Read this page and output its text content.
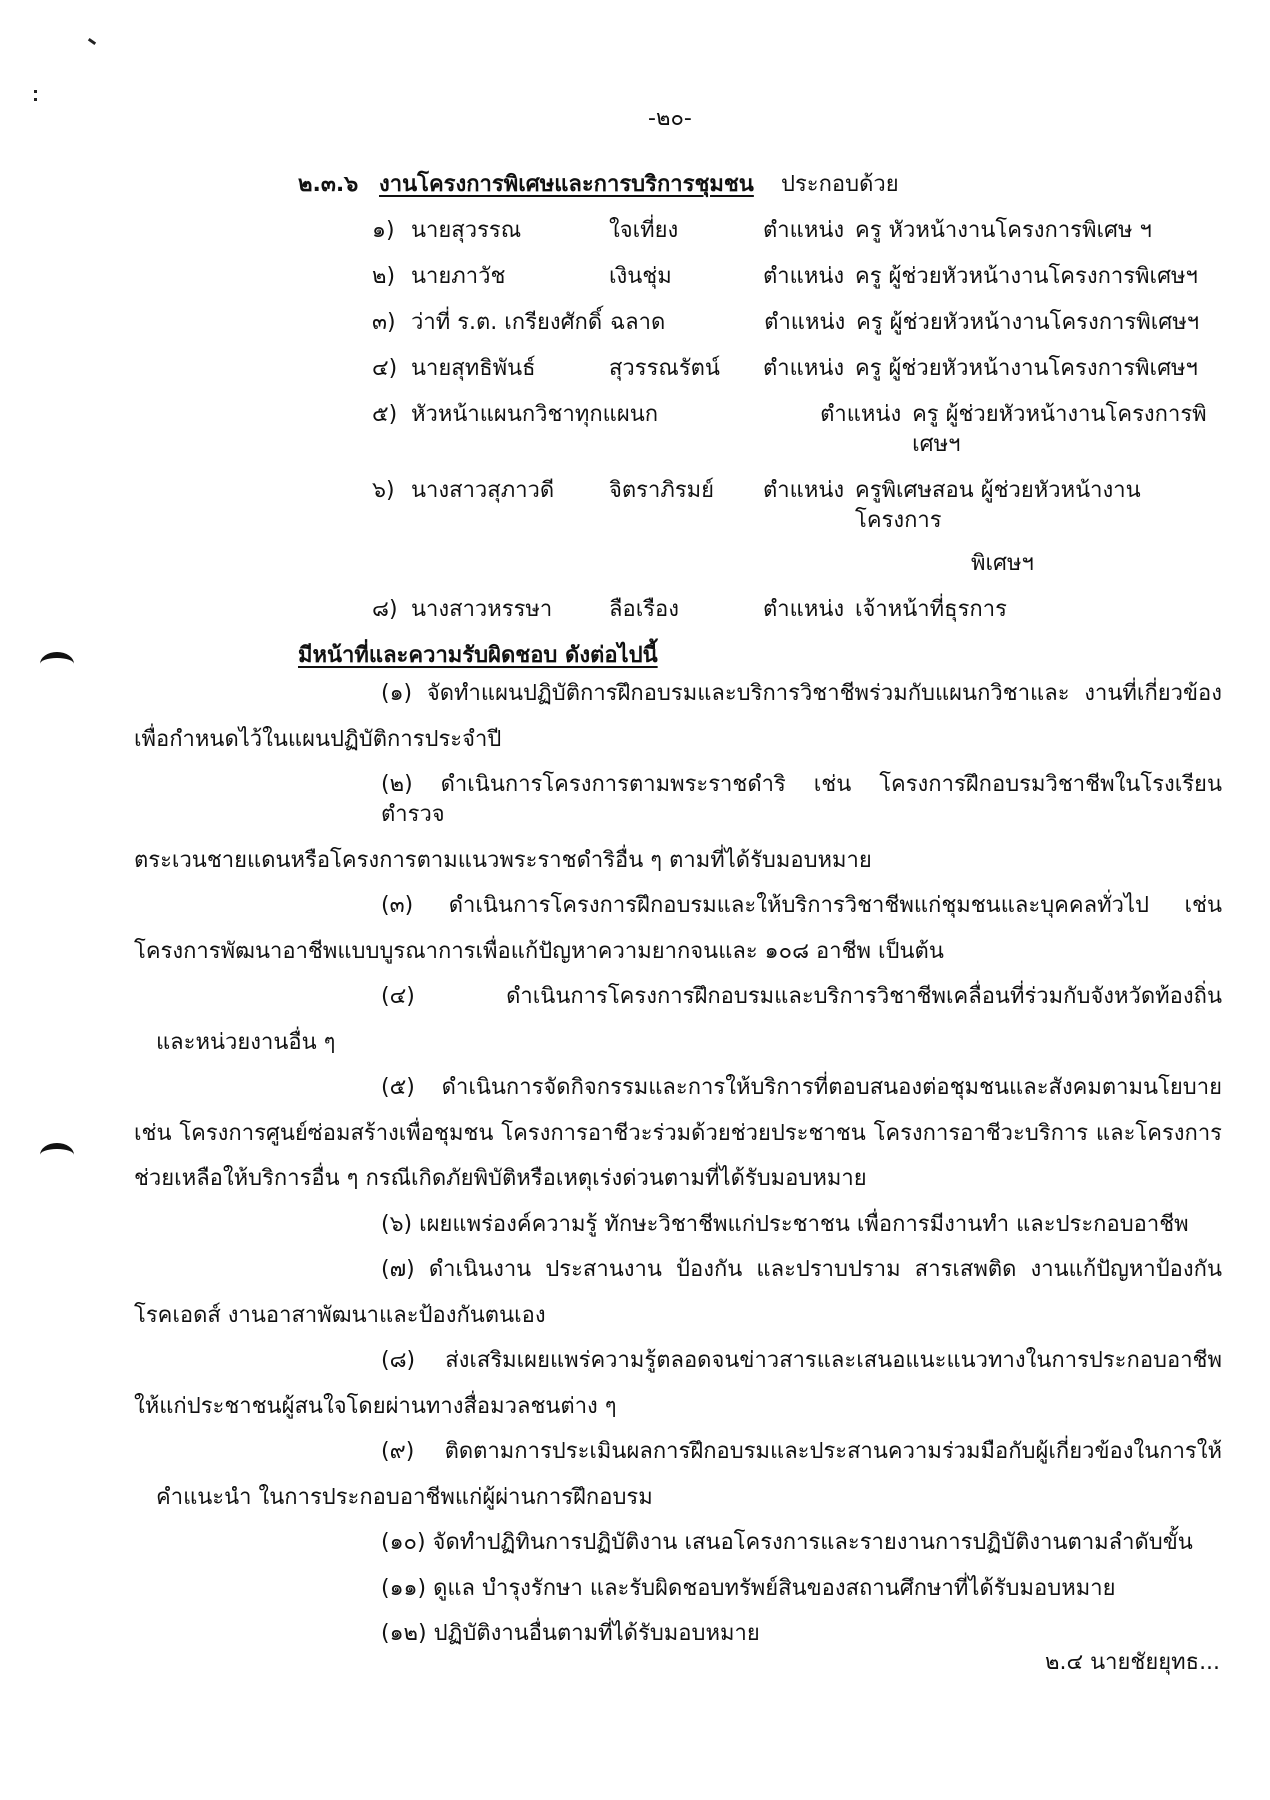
-๒๐-
๒.๓.๖ งานโครงการพิเศษและการบริการชุมชน ประกอบด้วย
๑) นายสุวรรณ	ใจเที่ยง	ตำแหน่ง ครู หัวหน้างานโครงการพิเศษ ฯ
๒) นายภาวัช	เงินชุ่ม	ตำแหน่ง ครู ผู้ช่วยหัวหน้างานโครงการพิเศษฯ
๓) ว่าที่ ร.ต. เกรียงศักดิ์ ฉลาด	ตำแหน่ง ครู ผู้ช่วยหัวหน้างานโครงการพิเศษฯ
๔) นายสุทธิพันธ์	สุวรรณรัตน์	ตำแหน่ง ครู ผู้ช่วยหัวหน้างานโครงการพิเศษฯ
๕) หัวหน้าแผนกวิชาทุกแผนก	ตำแหน่ง ครู ผู้ช่วยหัวหน้างานโครงการพิเศษฯ
๖) นางสาวสุภาวดี	จิตราภิรมย์	ตำแหน่ง ครูพิเศษสอน ผู้ช่วยหัวหน้างานโครงการ
พิเศษฯ
๘) นางสาวหรรษา	ลือเรือง	ตำแหน่ง เจ้าหน้าที่ธุรการ
มีหน้าที่และความรับผิดชอบ ดังต่อไปนี้
(๑) จัดทำแผนปฏิบัติการฝึกอบรมและบริการวิชาชีพร่วมกับแผนกวิชาและ งานที่เกี่ยวข้อง
เพื่อกำหนดไว้ในแผนปฏิบัติการประจำปี
(๒) ดำเนินการโครงการตามพระราชดำริ เช่น โครงการฝึกอบรมวิชาชีพในโรงเรียนตำรวจ
ตระเวนชายแดนหรือโครงการตามแนวพระราชดำริอื่น ๆ ตามที่ได้รับมอบหมาย
(๓) ดำเนินการโครงการฝึกอบรมและให้บริการวิชาชีพแก่ชุมชนและบุคคลทั่วไป เช่น
โครงการพัฒนาอาชีพแบบบูรณาการเพื่อแก้ปัญหาความยากจนและ ๑๐๘ อาชีพ เป็นต้น
(๔) ดำเนินการโครงการฝึกอบรมและบริการวิชาชีพเคลื่อนที่ร่วมกับจังหวัดท้องถิ่น
และหน่วยงานอื่น ๆ
(๕) ดำเนินการจัดกิจกรรมและการให้บริการที่ตอบสนองต่อชุมชนและสังคมตามนโยบาย
เช่น โครงการศูนย์ซ่อมสร้างเพื่อชุมชน โครงการอาชีวะร่วมด้วยช่วยประชาชน โครงการอาชีวะบริการ และโครงการ
ช่วยเหลือให้บริการอื่น ๆ กรณีเกิดภัยพิบัติหรือเหตุเร่งด่วนตามที่ได้รับมอบหมาย
(๖) เผยแพร่องค์ความรู้ ทักษะวิชาชีพแก่ประชาชน เพื่อการมีงานทำ และประกอบอาชีพ
(๗) ดำเนินงาน ประสานงาน ป้องกัน และปราบปราม สารเสพติด งานแก้ปัญหาป้องกัน
โรคเอดส์ งานอาสาพัฒนาและป้องกันตนเอง
(๘) ส่งเสริมเผยแพร่ความรู้ตลอดจนข่าวสารและเสนอแนะแนวทางในการประกอบอาชีพ
ให้แก่ประชาชนผู้สนใจโดยผ่านทางสื่อมวลชนต่าง ๆ
(๙) ติดตามการประเมินผลการฝึกอบรมและประสานความร่วมมือกับผู้เกี่ยวข้องในการให้
คำแนะนำ ในการประกอบอาชีพแก่ผู้ผ่านการฝึกอบรม
(๑๐) จัดทำปฏิทินการปฏิบัติงาน เสนอโครงการและรายงานการปฏิบัติงานตามลำดับขั้น
(๑๑) ดูแล บำรุงรักษา และรับผิดชอบทรัพย์สินของสถานศึกษาที่ได้รับมอบหมาย
(๑๒) ปฏิบัติงานอื่นตามที่ได้รับมอบหมาย
๒.๔ นายชัยยุทธ...
